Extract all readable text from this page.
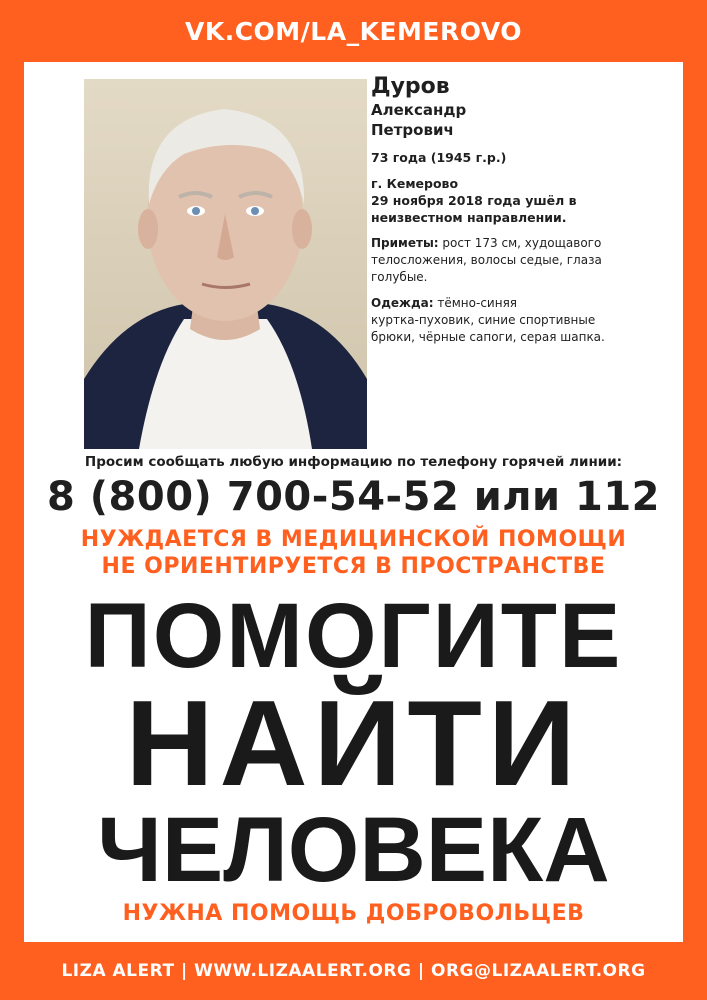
VK.COM/LA_KEMEROVO
Дуров
Александр
Петрович
73 года (1945 г.р.)
г. Кемерово
29 ноября 2018 года ушёл в
неизвестном направлении.
Приметы: рост 173 см, худощавого
телосложения, волосы седые, глаза
голубые.
Одежда: тёмно-синяя
куртка-пуховик, синие спортивные
брюки, чёрные сапоги, серая шапка.
Просим сообщать любую информацию по телефону горячей линии:
8 (800) 700-54-52 или 112
НУЖДАЕТСЯ В МЕДИЦИНСКОЙ ПОМОЩИ
НЕ ОРИЕНТИРУЕТСЯ В ПРОСТРАНСТВЕ
ПОМОГИТЕ
НАЙТИ
ЧЕЛОВЕКА
НУЖНА ПОМОЩЬ ДОБРОВОЛЬЦЕВ
LIZA ALERT | WWW.LIZAALERT.ORG | ORG@LIZAALERT.ORG
